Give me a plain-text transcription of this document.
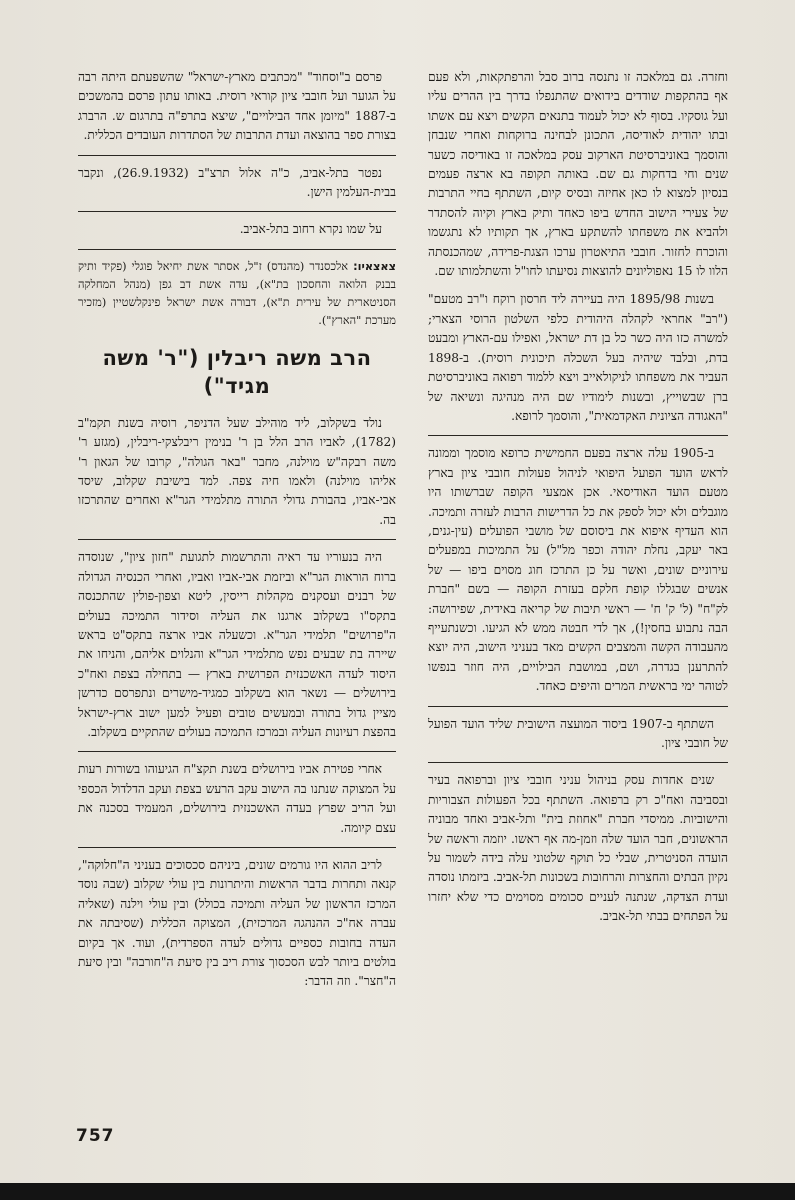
וחזרה. גם במלאכה זו נתנסה ברוב סבל והרפתקאות, ולא פעם אף בהתקפות שודדים בידואים שהתנפלו בדרך בין ההרים עליו ועל גוסקיו. בסוף לא יכול לעמוד בתנאים הקשים ויצא עם אשתו ובתו יהודית לאודיסה, התכונן לבחינה ברוקחות ואחרי שנבחן והוסמך באוניברסיטת הארקוב עסק במלאכה זו באודיסה כשער שנים וחי בדחקות גם שם. באותה תקופה בא ארצה פעמים בנסיון למצוא לו כאן אחיזה ובסיס קיום, השתתף בחיי התרבות של צעירי הישוב החדש ביפו כאחד ותיק בארץ וקיוה להסתדר ולהביא את משפחתו להשתקע בארץ, אך תקותיו לא נתגשמו והוכרח לחזור. חובבי התיאטרון ערכו הצגת-פרידה, שמהכנסתה הלוו לו 15 נאפוליונים להוצאות נסיעתו לחו"ל והשתלמותו שם.

בשנות 1895/98 היה בעיירה ליד חרסון רוקח ו"רב מטעם" ("רב" אחראי לקהלה היהודית כלפי השלטון הרוסי הצארי; למשרה כזו היה כשר כל בן דת ישראל, ואפילו עם-הארץ ומבעט בדת, ובלבד שיהיה בעל השכלה תיכונית רוסית). ב-1898 העביר את משפחתו לניקולאייב ויצא ללמוד רפואה באוניברסיטת ברן שבשוייץ, ובשנות לימודיו שם היה מנהיגה ונשיאה של "האגודה הציונית האקדמאית", והוסמך לרופא.

ב-1905 עלה ארצה בפעם החמישית כרופא מוסמך וממונה לראש הועד הפועל היפואי לניהול פעולות חובבי ציון בארץ מטעם הועד האודיסאי. אכן אמצעי הקופה שברשותו היו מוגבלים ולא יכול לספק את כל הדרישות הרבות לעזרה ותמיכה. הוא העדיף איפוא את ביסוסם של מושבי הפועלים (עין-גנים, באר יעקב, נחלת יהודה וכפר מל"ל) על התמיכות במפעלים עירוניים שונים, ואשר על כן התרכז חוג מסוים ביפו — של אנשים שבגללו קופת חלקם בעזרת הקופה — בשם "חברת לק"ח" (ל' ק' ח' — ראשי תיבות של קריאה באידית, שפירושה: הבה נתבוע בחסין!), אך לדי חבטה ממש לא הגיעו. וכשנתעייף מהעבודה הקשה והמצבים הקשים מאד בעניני הישוב, היה יוצא להתרענן בגדרה, ושם, במושבת הבילויים, היה חוזר בנפשו לטוהר ימי בראשית המרים והיפים כאחד.

השתתף ב-1907 ביסוד המועצה הישובית שליד הועד הפועל של חובבי ציון.

שנים אחדות עסק בניהול עניני חובבי ציון וברפואה בעיר ובסביבה ואח"כ רק ברפואה. השתתף בכל הפעולות הצבוריות והישוביות. ממיסדי חברת "אחוזת בית" ותל-אביב ואחד מבוניה הראשונים, חבר הועד שלה וזמן-מה אף ראשו. יוזמה וראשה של הועדה הסניטרית, שבלי כל תוקף שלטוני עלה בידה לשמור על נקיון הבתים והחצרות והרחובות בשכונות תל-אביב. ביזמתו נוסדה ועדת הצדקה, שנתנה לעניים סכומים מסוימים כדי שלא יחזרו על הפתחים בבתי תל-אביב.

פרסם ב"וסחוד" "מכתבים מארץ-ישראל" שהשפעתם היתה רבה על הגוער ועל חובבי ציון קוראי רוסית. באותו עתון פרסם בהמשכים ב-1887 "מיומן אחד הבילויים", שיצא בתרפ"ה בתרגום ש. הרברג בצורת ספר בהוצאה ועדת התרבות של הסתדרות העובדים הכללית.

נפטר בתל-אביב, כ"ה אלול תרצ"ב (26.9.1932), ונקבר בבית-העלמין הישן.

על שמו נקרא רחוב בתל-אביב.

צאצאיו: אלכסנדר (מהנדס) ז"ל, אסתר אשת יחיאל פוגלי (פקיד ותיק בבנק הלואה והחסכון בת"א), עדה אשת דב גפן (מנהל המחלקה הסניטארית של עירית ת"א), דבורה אשת ישראל פינקלשטיין (מזכיר מערכת "הארץ").

הרב משה ריבלין ("ר' משה מגיד")

נולד בשקלוב, ליד מוהילב שעל הדניפר, רוסיה בשנת תקמ"ב (1782), לאביו הרב הלל בן ר' בנימין ריבלצקי-ריבלין, (מגזע ר' משה רבקה"ש מוילנה, מחבר "באר הגולה", קרובו של הגאון ר' אליהו מוילנה) ולאמו חיה צפה. למד בישיבת שקלוב, שיסד אבי-אביו, בהבורת גדולי התורה מתלמידי הגר"א ואחרים שהתרכזו בה.

היה בנעוריו עד ראיה והתרשמות לתגועת "חזון ציון", שנוסדה ברוח הוראות הגר"א וביזמת אבי-אביו ואביו, ואחרי הכנסיה הגדולה של רבנים ועסקנים מקהלות רייסין, ליטא וצפון-פולין שהתכנסה בתקס"ו בשקלוב ארגנו את העליה וסידור התמיכה בעולים ה"פרושים" תלמידי הגר"א. וכשעלה אביו ארצה בתקס"ט בראש שיירה בת שבעים נפש מתלמידי הגר"א והנלוים אליהם, והניחו את היסוד לעדה האשכנזית הפרושית בארץ — בתחילה בצפת ואח"כ בירושלים — נשאר הוא בשקלוב כמגיד-מישרים ונתפרסם כדרשן מציין גדול בתורה ובמעשים טובים ופעיל למען ישוב ארץ-ישראל בהפצת רעיונות העליה ובמרכז התמיכה בעולים שהתקיים בשקלוב.

אחרי פטירת אביו בירושלים בשנת תקצ"ח הגיעוהו בשורות רעות על המצוקה שנתנו בה הישוב עקב הרעש בצפת ועקב הדלדול הכספי ועל הריב שפרץ בעדה האשכנזית בירושלים, המעמיד בסכנה את עצם קיומה.

לריב ההוא היו גורמים שונים, ביניהם סכסוכים בעניני ה"חלוקה", קנאה ותחרות בדבר הראשות והיתרונות בין עולי שקלוב (שבה נוסד המרכז הראשון של העליה ותמיכה בכולל) ובין עולי וילנה (שאליה עברה אח"כ ההנהגה המרכזית), המצוקה הכללית (שסיבתה את העדה בחובות כספיים גדולים לעדה הספרדית), ועוד. אך בקיום בולטים ביותר לבש הסכסוך צורת ריב בין סיעת ה"חורבה" ובין סיעת ה"חצר". וזה הדבר:

757
